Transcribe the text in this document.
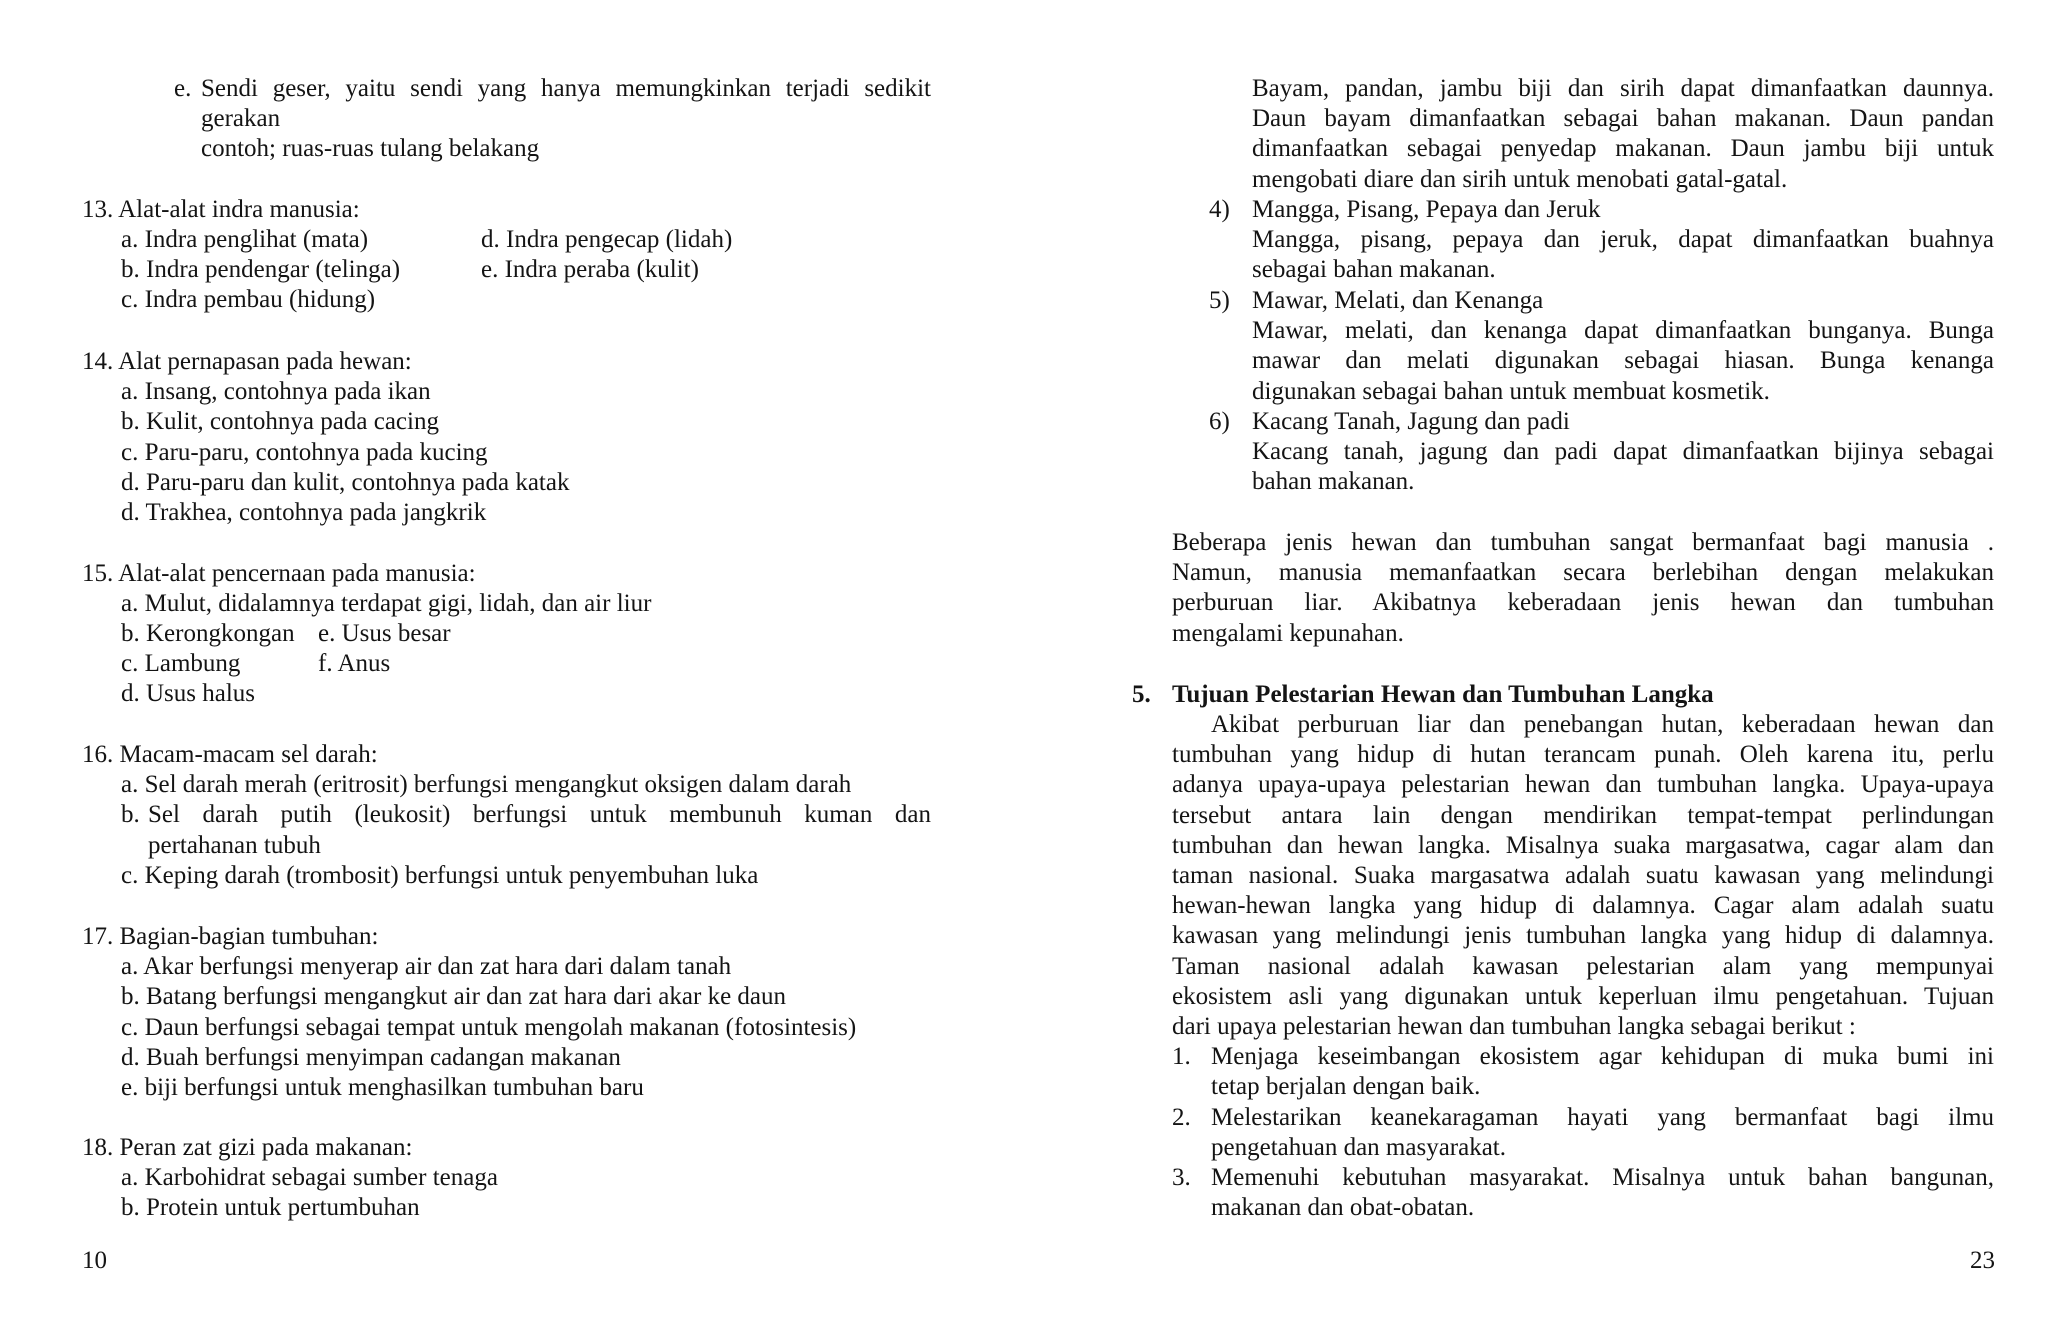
e. Sendi geser, yaitu sendi yang hanya memungkinkan terjadi sedikit
gerakan
contoh; ruas-ruas tulang belakang
13. Alat-alat indra manusia:
a. Indra penglihat (mata)
b. Indra pendengar (telinga)
c. Indra pembau (hidung)
d. Indra pengecap (lidah)
e. Indra peraba (kulit)
14. Alat pernapasan pada hewan:
a. Insang, contohnya pada ikan
b. Kulit, contohnya pada cacing
c. Paru-paru, contohnya pada kucing
d. Paru-paru dan kulit, contohnya pada katak
d. Trakhea, contohnya pada jangkrik
15. Alat-alat pencernaan pada manusia:
a. Mulut, didalamnya terdapat gigi, lidah, dan air liur
b. Kerongkongan
c. Lambung
d. Usus halus
e. Usus besar
f. Anus
16. Macam-macam sel darah:
a. Sel darah merah (eritrosit) berfungsi mengangkut oksigen dalam darah
b. Sel darah putih (leukosit) berfungsi untuk membunuh kuman dan
pertahanan tubuh
c. Keping darah (trombosit) berfungsi untuk penyembuhan luka
17. Bagian-bagian tumbuhan:
a. Akar berfungsi menyerap air dan zat hara dari dalam tanah
b. Batang berfungsi mengangkut air dan zat hara dari akar ke daun
c. Daun berfungsi sebagai tempat untuk mengolah makanan (fotosintesis)
d. Buah berfungsi menyimpan cadangan makanan
e. biji berfungsi untuk menghasilkan tumbuhan baru
18. Peran zat gizi pada makanan:
a. Karbohidrat sebagai sumber tenaga
b. Protein untuk pertumbuhan
10
Bayam, pandan, jambu biji dan sirih dapat dimanfaatkan daunnya.
Daun bayam dimanfaatkan sebagai bahan makanan. Daun pandan
dimanfaatkan sebagai penyedap makanan. Daun jambu biji untuk
mengobati diare dan sirih untuk menobati gatal-gatal.
4) Mangga, Pisang, Pepaya dan Jeruk
Mangga, pisang, pepaya dan jeruk, dapat dimanfaatkan buahnya
sebagai bahan makanan.
5) Mawar, Melati, dan Kenanga
Mawar, melati, dan kenanga dapat dimanfaatkan bunganya. Bunga
mawar dan melati digunakan sebagai hiasan. Bunga kenanga
digunakan sebagai bahan untuk membuat kosmetik.
6) Kacang Tanah, Jagung dan padi
Kacang tanah, jagung dan padi dapat dimanfaatkan bijinya sebagai
bahan makanan.
Beberapa jenis hewan dan tumbuhan sangat bermanfaat bagi manusia .
Namun, manusia memanfaatkan secara berlebihan dengan melakukan
perburuan liar. Akibatnya keberadaan jenis hewan dan tumbuhan
mengalami kepunahan.
5. Tujuan Pelestarian Hewan dan Tumbuhan Langka
Akibat perburuan liar dan penebangan hutan, keberadaan hewan dan
tumbuhan yang hidup di hutan terancam punah. Oleh karena itu, perlu
adanya upaya-upaya pelestarian hewan dan tumbuhan langka. Upaya-upaya
tersebut antara lain dengan mendirikan tempat-tempat perlindungan
tumbuhan dan hewan langka. Misalnya suaka margasatwa, cagar alam dan
taman nasional. Suaka margasatwa adalah suatu kawasan yang melindungi
hewan-hewan langka yang hidup di dalamnya. Cagar alam adalah suatu
kawasan yang melindungi jenis tumbuhan langka yang hidup di dalamnya.
Taman nasional adalah kawasan pelestarian alam yang mempunyai
ekosistem asli yang digunakan untuk keperluan ilmu pengetahuan. Tujuan
dari upaya pelestarian hewan dan tumbuhan langka sebagai berikut :
1. Menjaga keseimbangan ekosistem agar kehidupan di muka bumi ini
tetap berjalan dengan baik.
2. Melestarikan keanekaragaman hayati yang bermanfaat bagi ilmu
pengetahuan dan masyarakat.
3. Memenuhi kebutuhan masyarakat. Misalnya untuk bahan bangunan,
makanan dan obat-obatan.
23
